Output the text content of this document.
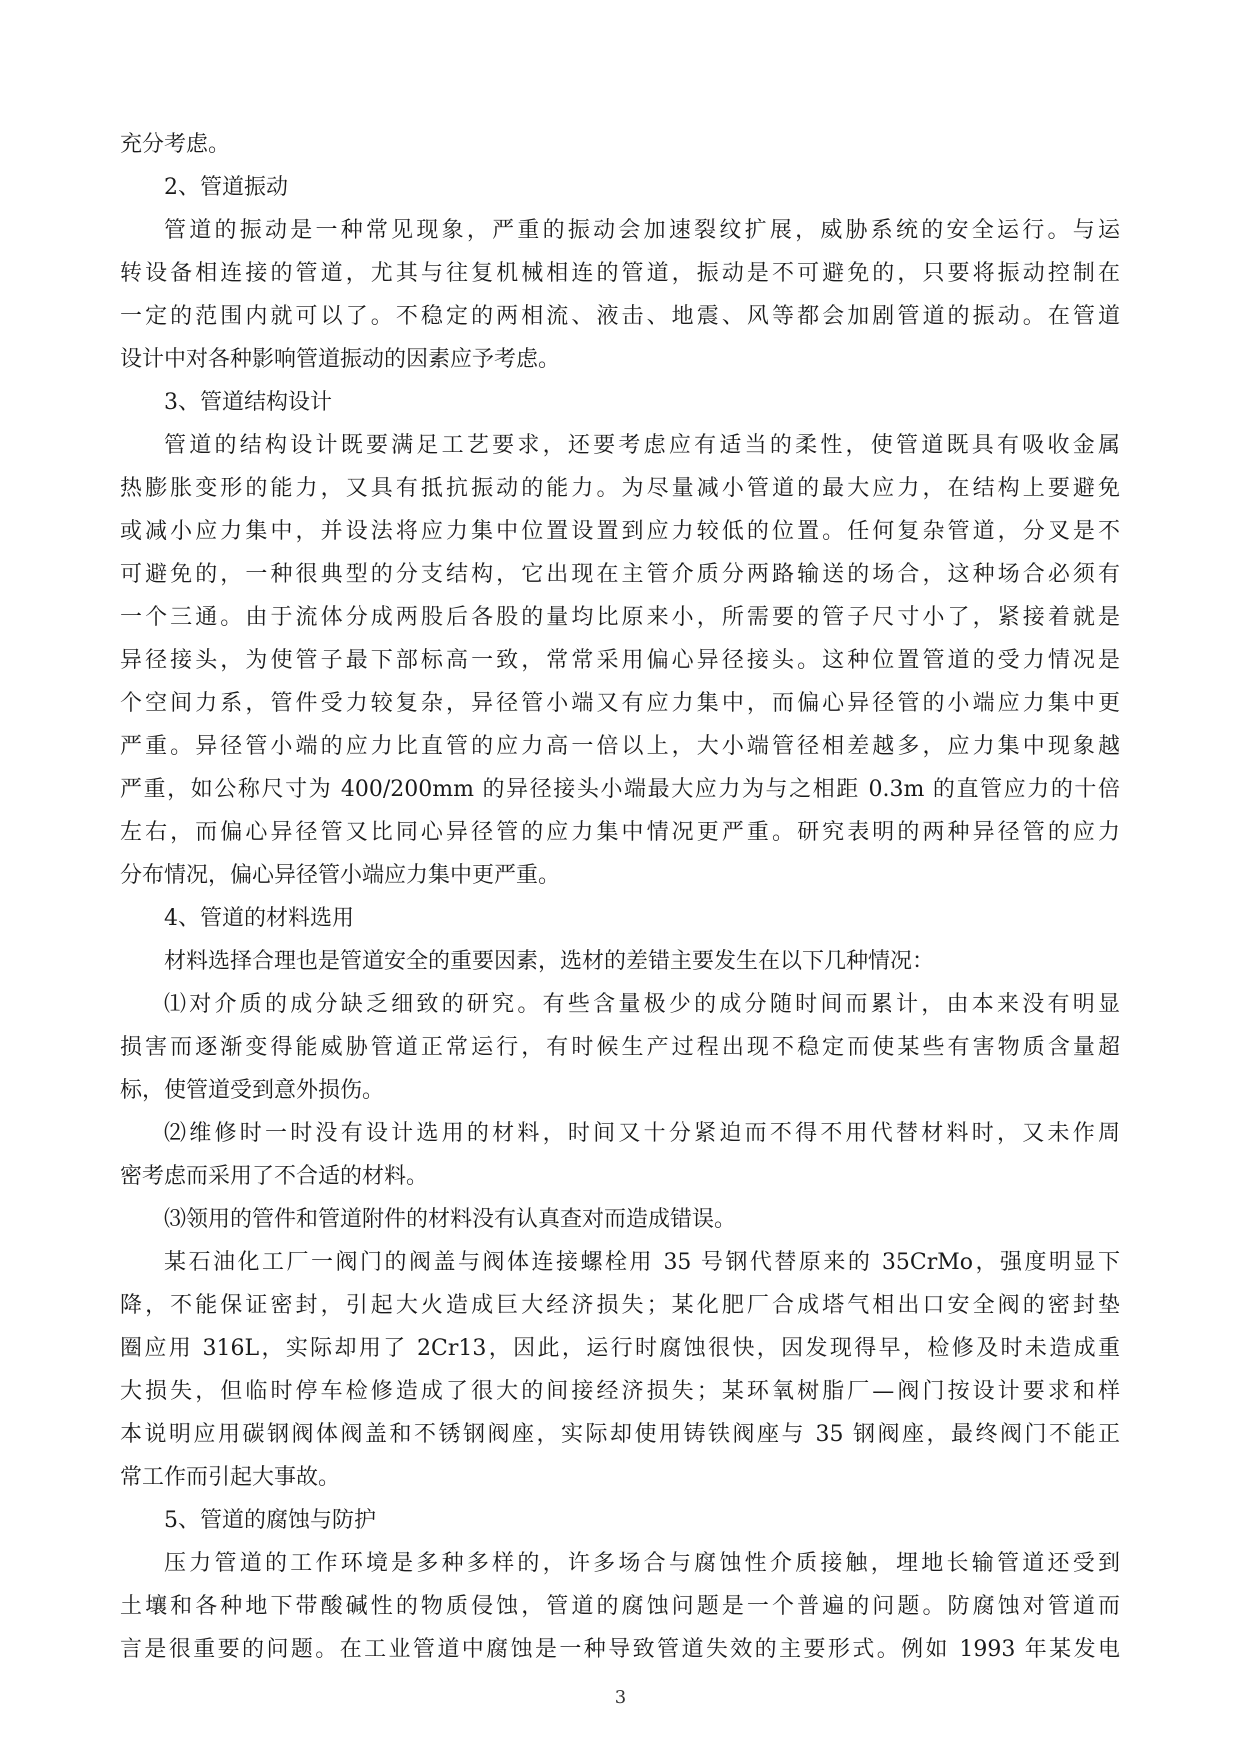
充分考虑。
2、管道振动
管道的振动是一种常见现象，严重的振动会加速裂纹扩展，威胁系统的安全运行。与运
转设备相连接的管道，尤其与往复机械相连的管道，振动是不可避免的，只要将振动控制在
一定的范围内就可以了。不稳定的两相流、液击、地震、风等都会加剧管道的振动。在管道
设计中对各种影响管道振动的因素应予考虑。
3、管道结构设计
管道的结构设计既要满足工艺要求，还要考虑应有适当的柔性，使管道既具有吸收金属
热膨胀变形的能力，又具有抵抗振动的能力。为尽量减小管道的最大应力，在结构上要避免
或减小应力集中，并设法将应力集中位置设置到应力较低的位置。任何复杂管道，分叉是不
可避免的，一种很典型的分支结构，它出现在主管介质分两路输送的场合，这种场合必须有
一个三通。由于流体分成两股后各股的量均比原来小，所需要的管子尺寸小了，紧接着就是
异径接头，为使管子最下部标高一致，常常采用偏心异径接头。这种位置管道的受力情况是
个空间力系，管件受力较复杂，异径管小端又有应力集中，而偏心异径管的小端应力集中更
严重。异径管小端的应力比直管的应力高一倍以上，大小端管径相差越多，应力集中现象越
严重，如公称尺寸为 400/200mm 的异径接头小端最大应力为与之相距 0.3m 的直管应力的十倍
左右，而偏心异径管又比同心异径管的应力集中情况更严重。研究表明的两种异径管的应力
分布情况，偏心异径管小端应力集中更严重。
4、管道的材料选用
材料选择合理也是管道安全的重要因素，选材的差错主要发生在以下几种情况：
⑴对介质的成分缺乏细致的研究。有些含量极少的成分随时间而累计，由本来没有明显
损害而逐渐变得能威胁管道正常运行，有时候生产过程出现不稳定而使某些有害物质含量超
标，使管道受到意外损伤。
⑵维修时一时没有设计选用的材料，时间又十分紧迫而不得不用代替材料时，又未作周
密考虑而采用了不合适的材料。
⑶领用的管件和管道附件的材料没有认真查对而造成错误。
某石油化工厂一阀门的阀盖与阀体连接螺栓用 35 号钢代替原来的 35CrMo，强度明显下
降，不能保证密封，引起大火造成巨大经济损失；某化肥厂合成塔气相出口安全阀的密封垫
圈应用 316L，实际却用了 2Cr13，因此，运行时腐蚀很快，因发现得早，检修及时未造成重
大损失，但临时停车检修造成了很大的间接经济损失；某环氧树脂厂—阀门按设计要求和样
本说明应用碳钢阀体阀盖和不锈钢阀座，实际却使用铸铁阀座与 35 钢阀座，最终阀门不能正
常工作而引起大事故。
5、管道的腐蚀与防护
压力管道的工作环境是多种多样的，许多场合与腐蚀性介质接触，埋地长输管道还受到
土壤和各种地下带酸碱性的物质侵蚀，管道的腐蚀问题是一个普遍的问题。防腐蚀对管道而
言是很重要的问题。在工业管道中腐蚀是一种导致管道失效的主要形式。例如 1993 年某发电
3
